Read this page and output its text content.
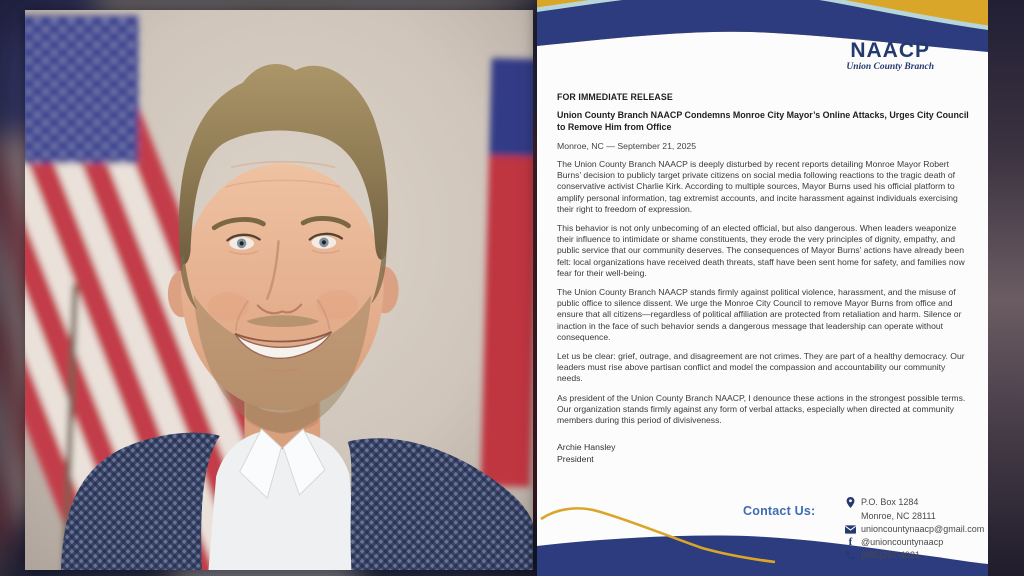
NAACP
Union County Branch
FOR IMMEDIATE RELEASE
Union County Branch NAACP Condemns Monroe City Mayor’s Online Attacks, Urges City Council to Remove Him from Office
Monroe, NC — September 21, 2025
The Union County Branch NAACP is deeply disturbed by recent reports detailing Monroe Mayor Robert Burns’ decision to publicly target private citizens on social media following reactions to the tragic death of conservative activist Charlie Kirk. According to multiple sources, Mayor Burns used his official platform to amplify personal information, tag extremist accounts, and incite harassment against individuals exercising their right to freedom of expression.
This behavior is not only unbecoming of an elected official, but also dangerous. When leaders weaponize their influence to intimidate or shame constituents, they erode the very principles of dignity, empathy, and public service that our community deserves. The consequences of Mayor Burns’ actions have already been felt: local organizations have received death threats, staff have been sent home for safety, and families now fear for their well-being.
The Union County Branch NAACP stands firmly against political violence, harassment, and the misuse of public office to silence dissent. We urge the Monroe City Council to remove Mayor Burns from office and ensure that all citizens—regardless of political affiliation are protected from retaliation and harm. Silence or inaction in the face of such behavior sends a dangerous message that leadership can operate without consequence.
Let us be clear: grief, outrage, and disagreement are not crimes. They are part of a healthy democracy. Our leaders must rise above partisan conflict and model the compassion and accountability our community needs.
As president of the Union County Branch NAACP, I denounce these actions in the strongest possible terms. Our organization stands firmly against any form of verbal attacks, especially when directed at community members during this period of divisiveness.
Archie Hansley
President
Contact Us:
P.O. Box 1284
Monroe, NC 28111
unioncountynaacp@gmail.com
f @unioncountynaacp
(980)297-4031
